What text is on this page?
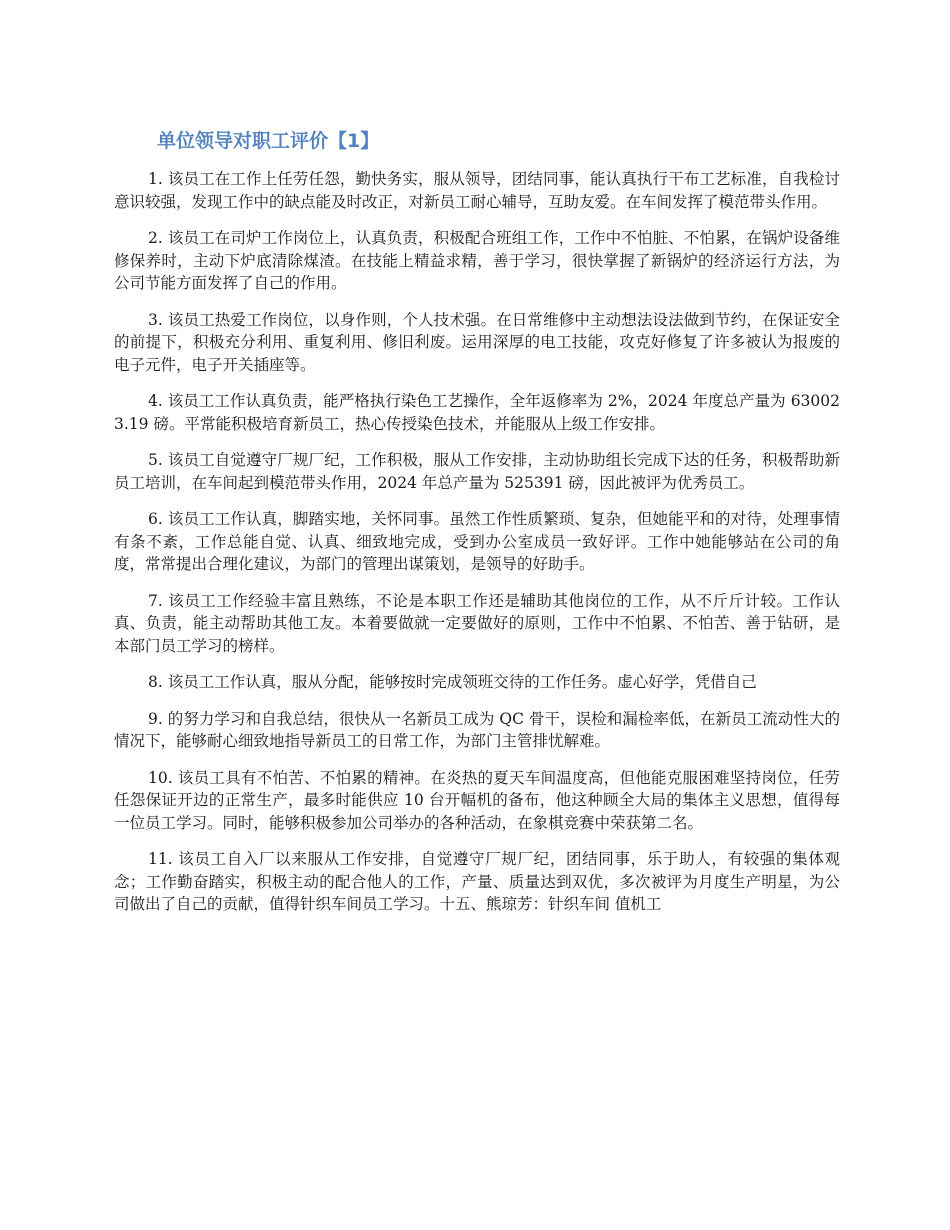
单位领导对职工评价【1】

1. 该员工在工作上任劳任怨，勤快务实，服从领导，团结同事，能认真执行干布工艺标准，自我检讨意识较强，发现工作中的缺点能及时改正，对新员工耐心辅导，互助友爱。在车间发挥了模范带头作用。

2. 该员工在司炉工作岗位上，认真负责，积极配合班组工作，工作中不怕脏、不怕累，在锅炉设备维修保养时，主动下炉底清除煤渣。在技能上精益求精，善于学习，很快掌握了新锅炉的经济运行方法，为公司节能方面发挥了自己的作用。

3. 该员工热爱工作岗位，以身作则，个人技术强。在日常维修中主动想法设法做到节约，在保证安全的前提下，积极充分利用、重复利用、修旧利废。运用深厚的电工技能，攻克好修复了许多被认为报废的电子元件，电子开关插座等。

4. 该员工工作认真负责，能严格执行染色工艺操作，全年返修率为 2%，2024 年度总产量为 630023.19 磅。平常能积极培育新员工，热心传授染色技术，并能服从上级工作安排。

5. 该员工自觉遵守厂规厂纪，工作积极，服从工作安排，主动协助组长完成下达的任务，积极帮助新员工培训，在车间起到模范带头作用，2024 年总产量为 525391 磅，因此被评为优秀员工。

6. 该员工工作认真，脚踏实地，关怀同事。虽然工作性质繁琐、复杂，但她能平和的对待，处理事情有条不紊，工作总能自觉、认真、细致地完成，受到办公室成员一致好评。工作中她能够站在公司的角度，常常提出合理化建议，为部门的管理出谋策划，是领导的好助手。

7. 该员工工作经验丰富且熟练，不论是本职工作还是辅助其他岗位的工作，从不斤斤计较。工作认真、负责，能主动帮助其他工友。本着要做就一定要做好的原则，工作中不怕累、不怕苦、善于钻研，是本部门员工学习的榜样。

8. 该员工工作认真，服从分配，能够按时完成领班交待的工作任务。虚心好学，凭借自己

9. 的努力学习和自我总结，很快从一名新员工成为 QC 骨干，误检和漏检率低，在新员工流动性大的情况下，能够耐心细致地指导新员工的日常工作，为部门主管排忧解难。

10. 该员工具有不怕苦、不怕累的精神。在炎热的夏天车间温度高，但他能克服困难坚持岗位，任劳任怨保证开边的正常生产，最多时能供应 10 台开幅机的备布，他这种顾全大局的集体主义思想，值得每一位员工学习。同时，能够积极参加公司举办的各种活动，在象棋竞赛中荣获第二名。

11. 该员工自入厂以来服从工作安排，自觉遵守厂规厂纪，团结同事，乐于助人，有较强的集体观念；工作勤奋踏实，积极主动的配合他人的工作，产量、质量达到双优，多次被评为月度生产明星，为公司做出了自己的贡献，值得针织车间员工学习。十五、熊琼芳：针织车间 值机工
